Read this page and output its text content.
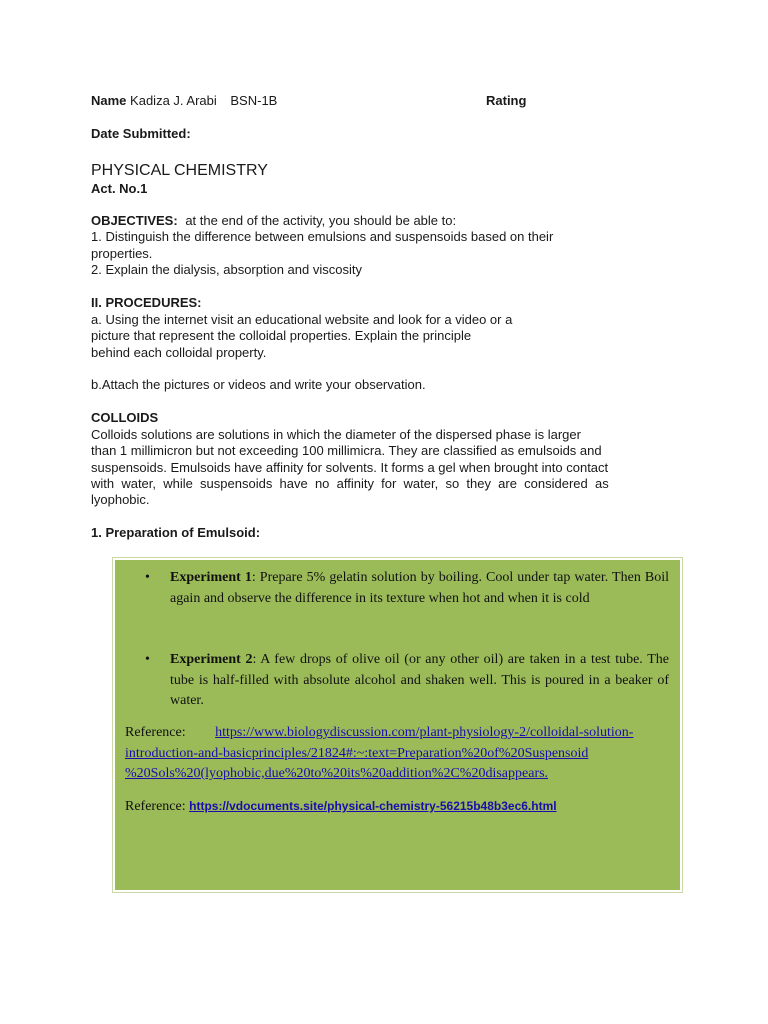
Name Kadiza J. Arabi BSN-1B	Rating
Date Submitted:
PHYSICAL CHEMISTRY
Act. No.1
OBJECTIVES: at the end of the activity, you should be able to:
1. Distinguish the difference between emulsions and suspensoids based on their
properties.
2. Explain the dialysis, absorption and viscosity
II. PROCEDURES:
a. Using the internet visit an educational website and look for a video or a
picture that represent the colloidal properties. Explain the principle
behind each colloidal property.
b.Attach the pictures or videos and write your observation.
COLLOIDS
Colloids solutions are solutions in which the diameter of the dispersed phase is larger
than 1 millimicron but not exceeding 100 millimicra. They are classified as emulsoids and
suspensoids. Emulsoids have affinity for solvents. It forms a gel when brought into contact
with water, while suspensoids have no affinity for water, so they are considered as
lyophobic.
1. Preparation of Emulsoid:
• Experiment 1: Prepare 5% gelatin solution by boiling. Cool under tap water. Then Boil again and observe the difference in its texture when hot and when it is cold
• Experiment 2: A few drops of olive oil (or any other oil) are taken in a test tube. The tube is half-filled with absolute alcohol and shaken well. This is poured in a beaker of water.
Reference: https://www.biologydiscussion.com/plant-physiology-2/colloidal-solution-
introduction-and-basicprinciples/21824#:~:text=Preparation%20of%20Suspensoid
%20Sols%20(lyophobic,due%20to%20its%20addition%2C%20disappears.
Reference: https://vdocuments.site/physical-chemistry-56215b48b3ec6.html
